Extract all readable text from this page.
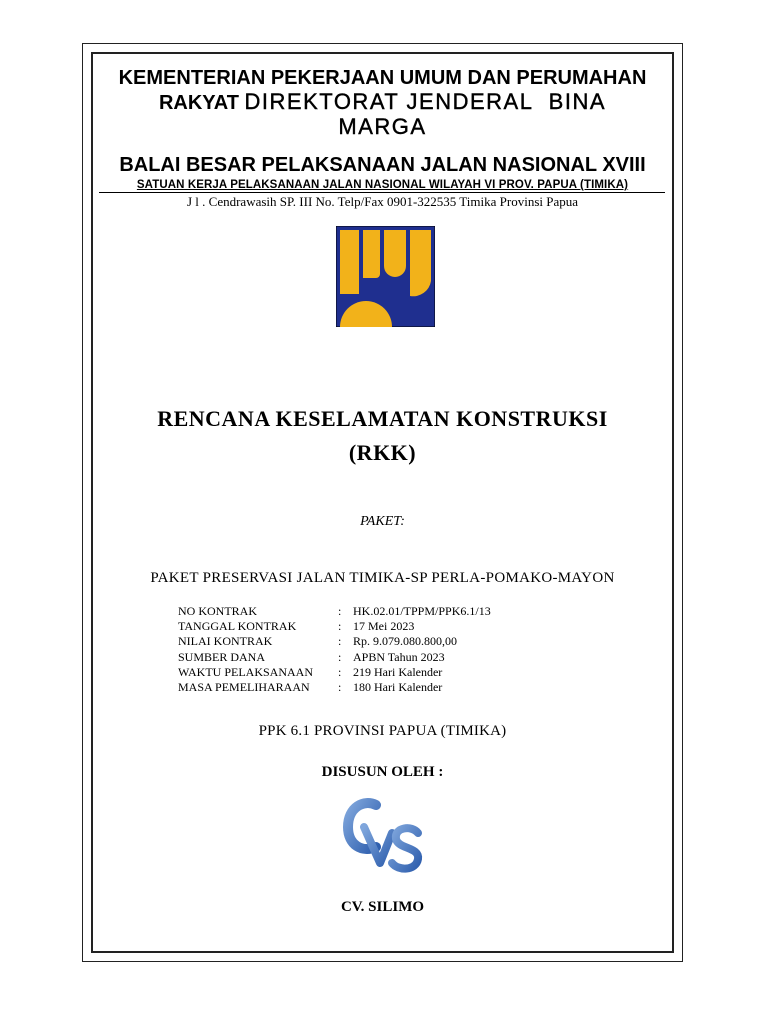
KEMENTERIAN PEKERJAAN UMUM DAN PERUMAHAN
RAKYAT DIREKTORAT JENDERAL  BINA
MARGA
BALAI BESAR PELAKSANAAN JALAN NASIONAL XVIII
SATUAN KERJA PELAKSANAAN JALAN NASIONAL WILAYAH VI PROV. PAPUA (TIMIKA)
J l . Cendrawasih SP. III No. Telp/Fax 0901-322535 Timika Provinsi Papua
RENCANA KESELAMATAN KONSTRUKSI
(RKK)
PAKET:
PAKET PRESERVASI JALAN TIMIKA-SP PERLA-POMAKO-MAYON
NO KONTRAK	: HK.02.01/TPPM/PPK6.1/13
TANGGAL KONTRAK	: 17 Mei 2023
NILAI KONTRAK	: Rp. 9.079.080.800,00
SUMBER DANA	: APBN Tahun 2023
WAKTU PELAKSANAAN	: 219 Hari Kalender
MASA PEMELIHARAAN	: 180 Hari Kalender
PPK 6.1 PROVINSI PAPUA (TIMIKA)
DISUSUN OLEH :
CV. SILIMO
